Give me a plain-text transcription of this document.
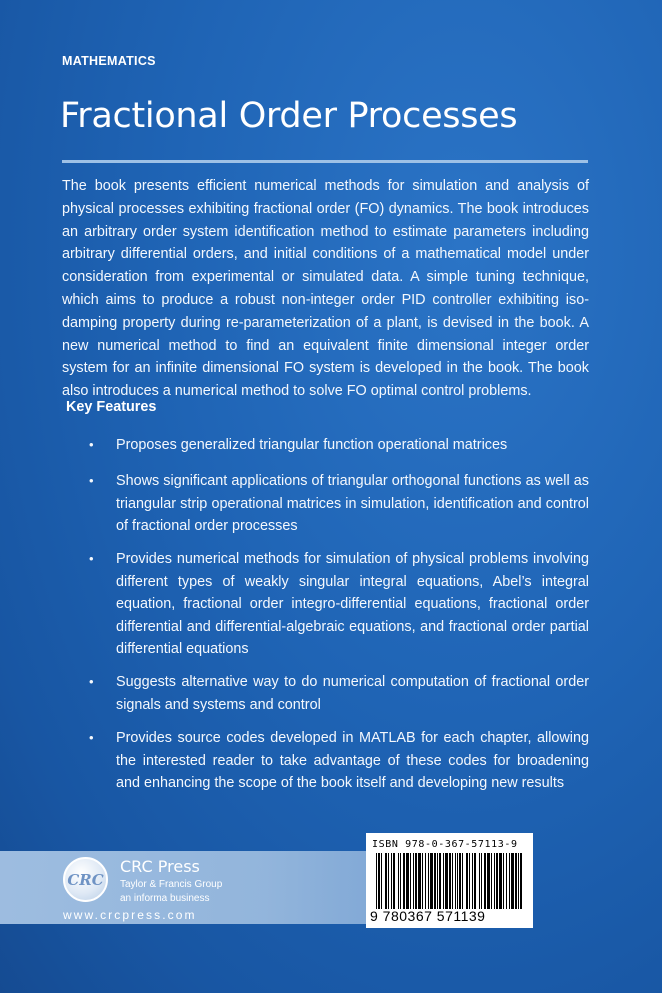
MATHEMATICS
Fractional Order Processes

The book presents efficient numerical methods for simulation and analysis of physical processes exhibiting fractional order (FO) dynamics. The book introduces an arbitrary order system identification method to estimate parameters including arbitrary differential orders, and initial conditions of a mathematical model under consideration from experimental or simulated data. A simple tuning technique, which aims to produce a robust non-integer order PID controller exhibiting iso-damping property during re-parameterization of a plant, is devised in the book. A new numerical method to find an equivalent finite dimensional integer order system for an infinite dimensional FO system is developed in the book. The book also introduces a numerical method to solve FO optimal control problems.

Key Features
•	Proposes generalized triangular function operational matrices
•	Shows significant applications of triangular orthogonal functions as well as triangular strip operational matrices in simulation, identification and control of fractional order processes
•	Provides numerical methods for simulation of physical problems involving different types of weakly singular integral equations, Abel’s integral equation, fractional order integro-differential equations, fractional order differential and differential-algebraic equations, and fractional order partial differential equations
•	Suggests alternative way to do numerical computation of fractional order signals and systems and control
•	Provides source codes developed in MATLAB for each chapter, allowing the interested reader to take advantage of these codes for broadening and enhancing the scope of the book itself and developing new results
CRC
CRC Press
Taylor & Francis Group
an informa business
www.crcpress.com
ISBN 978-0-367-57113-9
9 780367 571139
